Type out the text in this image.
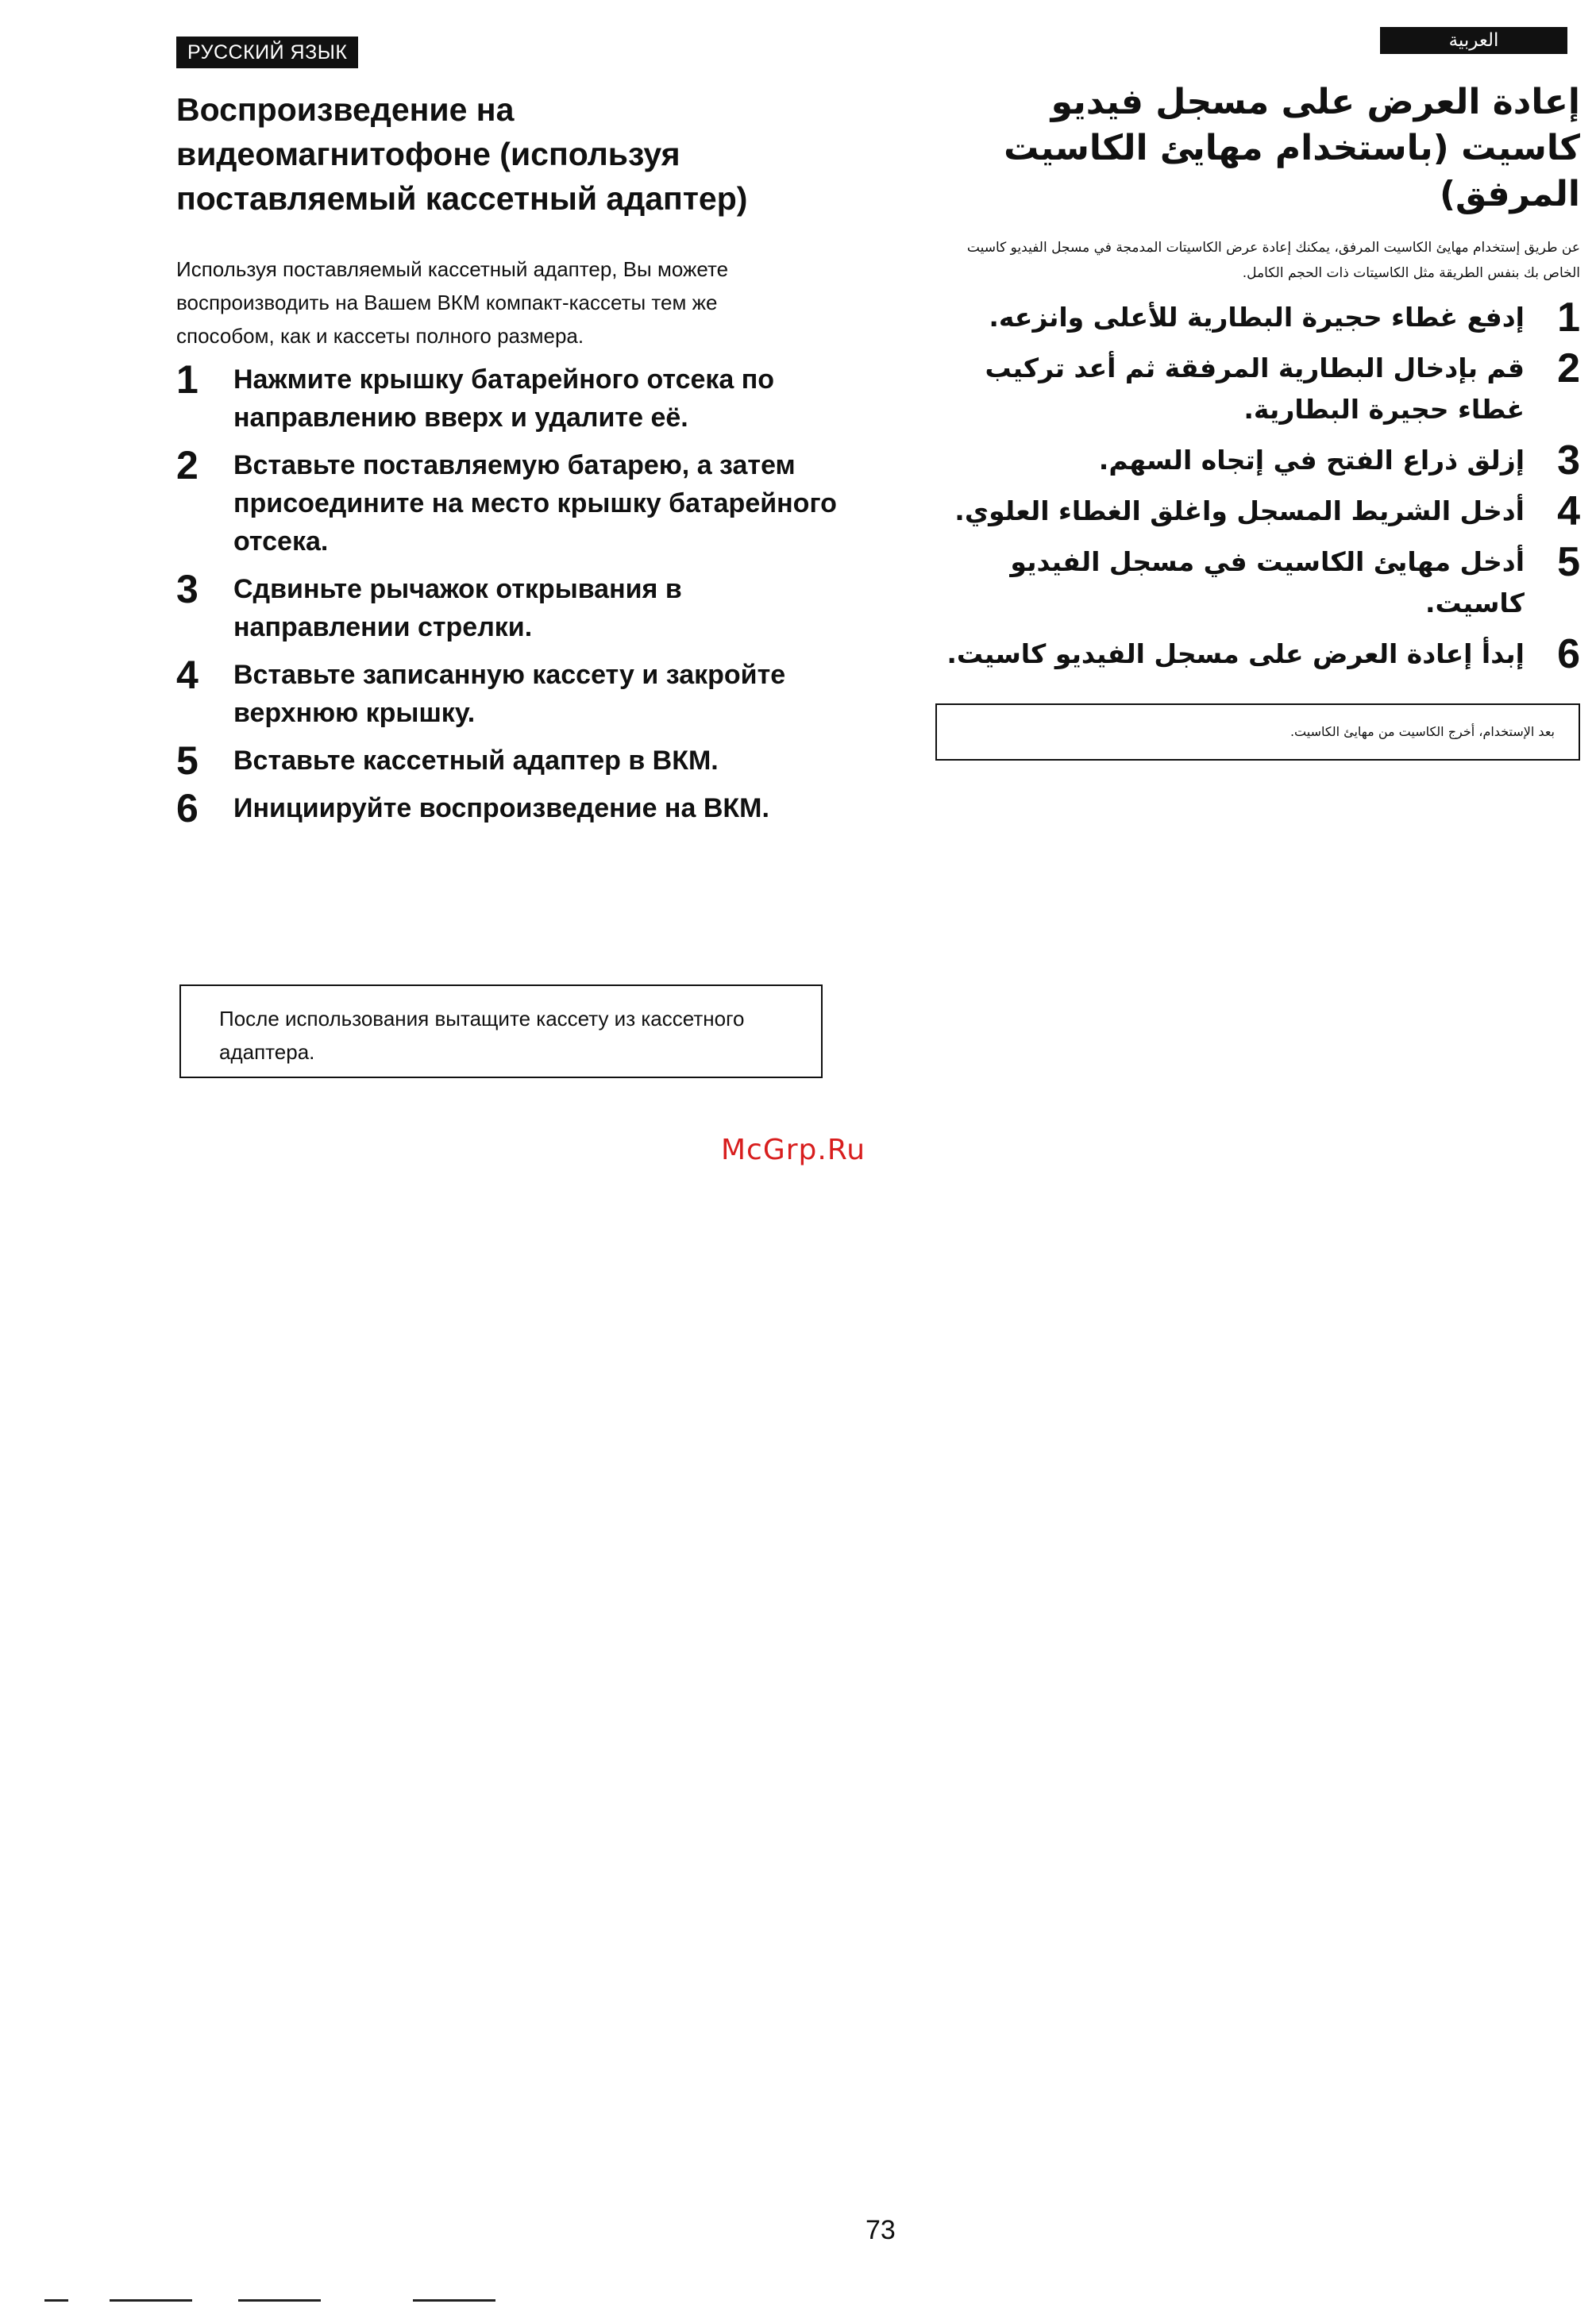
РУССКИЙ ЯЗЫК
العربية
Воспроизведение на видеомагнитофоне (используя поставляемый кассетный адаптер)

Используя поставляемый кассетный адаптер, Вы можете воспроизводить на Вашем ВКМ компакт-кассеты тем же способом, как и кассеты полного размера.

1 Нажмите крышку батарейного отсека по направлению вверх и удалите её.
2 Вставьте поставляемую батарею, а затем присоедините на место крышку батарейного отсека.
3 Сдвиньте рычажок открывания в направлении стрелки.
4 Вставьте записанную кассету и закройте верхнюю крышку.
5 Вставьте кассетный адаптер в ВКМ.
6 Инициируйте воспроизведение на ВКМ.
После использования вытащите кассету из кассетного адаптера.
إعادة العرض على مسجل فيديو كاسيت (باستخدام مهايئ الكاسيت المرفق)

عن طريق إستخدام مهايئ الكاسيت المرفق، يمكنك إعادة عرض الكاسيتات المدمجة في مسجل الفيديو كاسيت الخاص بك بنفس الطريقة مثل الكاسيتات ذات الحجم الكامل.

1
إدفع غطاء حجيرة البطارية للأعلى وانزعه.
2
قم بإدخال البطارية المرفقة ثم أعد تركيب غطاء حجيرة البطارية.
3
إزلق ذراع الفتح في إتجاه السهم.
4
أدخل الشريط المسجل واغلق الغطاء العلوي.
5
أدخل مهايئ الكاسيت في مسجل الفيديو كاسيت.
6
إبدأ إعادة العرض على مسجل الفيديو كاسيت.
بعد الإستخدام، أخرج الكاسيت من مهايئ الكاسيت.
McGrp.Ru
73
